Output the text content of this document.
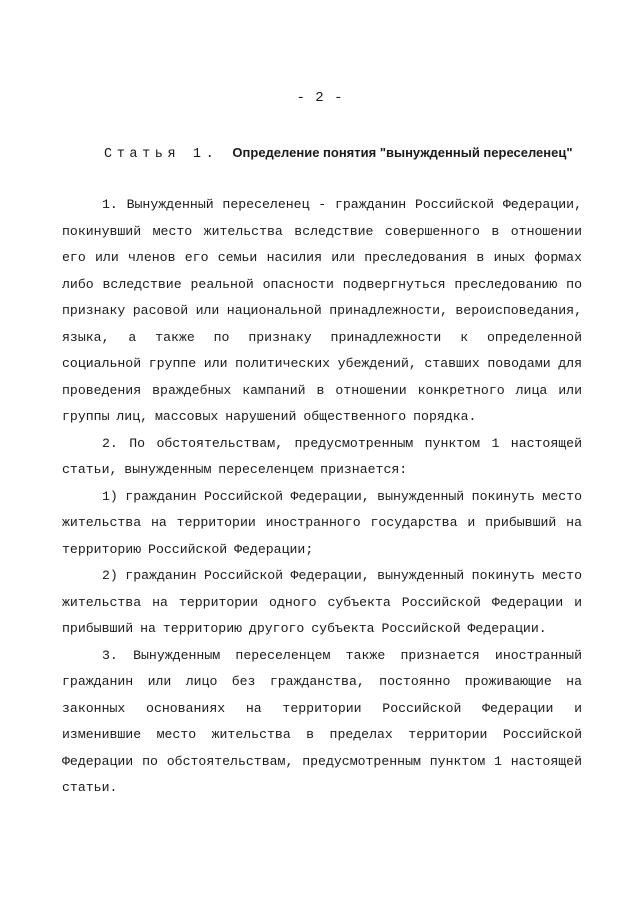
- 2 -
Статья 1. Определение понятия "вынужденный переселенец"

1. Вынужденный переселенец - гражданин Российской Федерации, покинувший место жительства вследствие совершенного в отношении его или членов его семьи насилия или преследования в иных формах либо вследствие реальной опасности подвергнуться преследованию по признаку расовой или национальной принадлежности, вероисповедания, языка, а также по признаку принадлежности к определенной социальной группе или политических убеждений, ставших поводами для проведения враждебных кампаний в отношении конкретного лица или группы лиц, массовых нарушений общественного порядка.

2. По обстоятельствам, предусмотренным пунктом 1 настоящей статьи, вынужденным переселенцем признается:

1) гражданин Российской Федерации, вынужденный покинуть место жительства на территории иностранного государства и прибывший на территорию Российской Федерации;

2) гражданин Российской Федерации, вынужденный покинуть место жительства на территории одного субъекта Российской Федерации и прибывший на территорию другого субъекта Российской Федерации.

3. Вынужденным переселенцем также признается иностранный гражданин или лицо без гражданства, постоянно проживающие на законных основаниях на территории Российской Федерации и изменившие место жительства в пределах территории Российской Федерации по обстоятельствам, предусмотренным пунктом 1 настоящей статьи.
